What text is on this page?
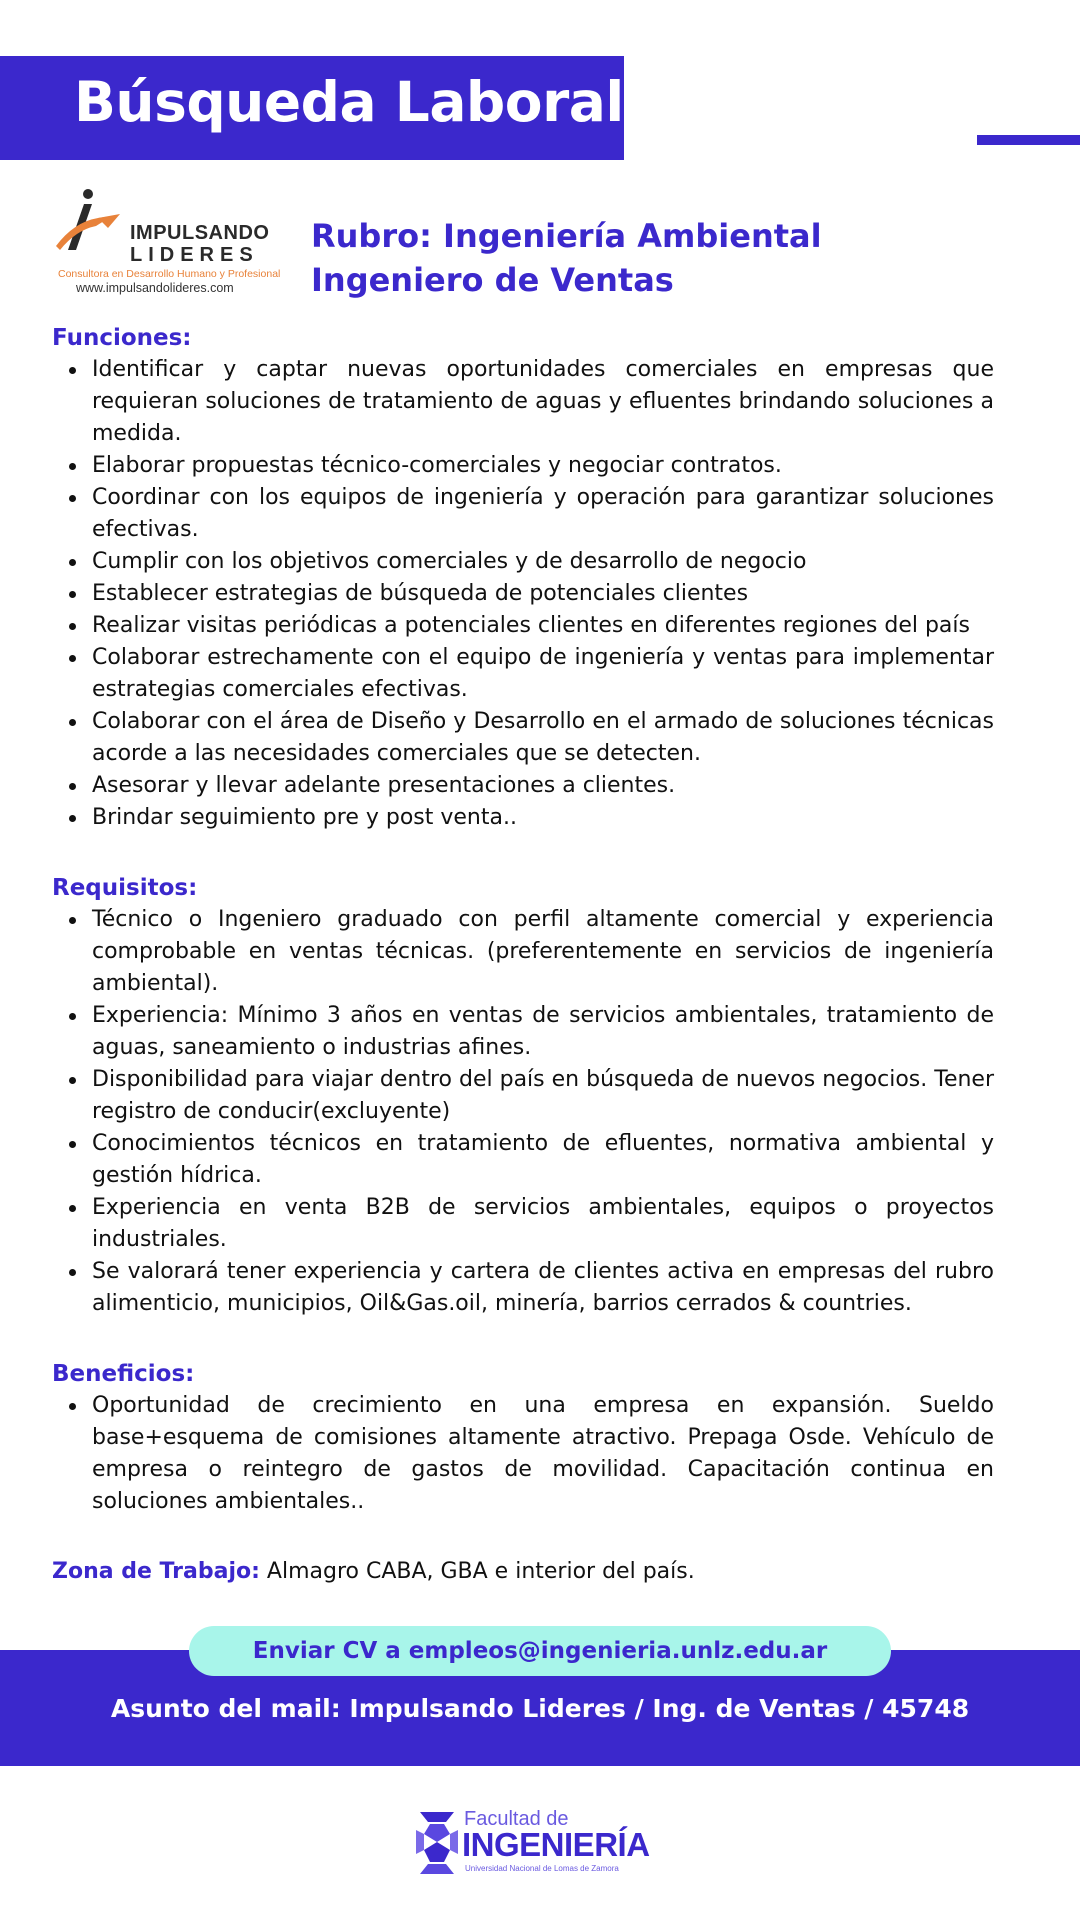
Búsqueda Laboral
IMPULSANDO
LIDERES
Consultora en Desarrollo Humano y Profesional
www.impulsandolideres.com
Rubro: Ingeniería Ambiental
Ingeniero de Ventas
Funciones:
Identificar y captar nuevas oportunidades comerciales en empresas que requieran soluciones de tratamiento de aguas y efluentes brindando soluciones a medida.
Elaborar propuestas técnico-comerciales y negociar contratos.
Coordinar con los equipos de ingeniería y operación para garantizar soluciones efectivas.
Cumplir con los objetivos comerciales y de desarrollo de negocio
Establecer estrategias de búsqueda de potenciales clientes
Realizar visitas periódicas a potenciales clientes en diferentes regiones del país
Colaborar estrechamente con el equipo de ingeniería y ventas para implementar estrategias comerciales efectivas.
Colaborar con el área de Diseño y Desarrollo en el armado de soluciones técnicas acorde a las necesidades comerciales que se detecten.
Asesorar y llevar adelante presentaciones a clientes.
Brindar seguimiento pre y post venta..
Requisitos:
Técnico o Ingeniero graduado con perfil altamente comercial y experiencia comprobable en ventas técnicas. (preferentemente en servicios de ingeniería ambiental).
Experiencia: Mínimo 3 años en ventas de servicios ambientales, tratamiento de aguas, saneamiento o industrias afines.
Disponibilidad para viajar dentro del país en búsqueda de nuevos negocios. Tener registro de conducir(excluyente)
Conocimientos técnicos en tratamiento de efluentes, normativa ambiental y gestión hídrica.
Experiencia en venta B2B de servicios ambientales, equipos o proyectos industriales.
Se valorará tener experiencia y cartera de clientes activa en empresas del rubro alimenticio, municipios, Oil&Gas.oil, minería, barrios cerrados & countries.
Beneficios:
Oportunidad de crecimiento en una empresa en expansión. Sueldo base+esquema de comisiones altamente atractivo. Prepaga Osde. Vehículo de empresa o reintegro de gastos de movilidad. Capacitación continua en soluciones ambientales..
Zona de Trabajo: Almagro CABA, GBA e interior del país.
Enviar CV a empleos@ingenieria.unlz.edu.ar
Asunto del mail: Impulsando Lideres / Ing. de Ventas / 45748
Facultad de
INGENIERÍA
Universidad Nacional de Lomas de Zamora
